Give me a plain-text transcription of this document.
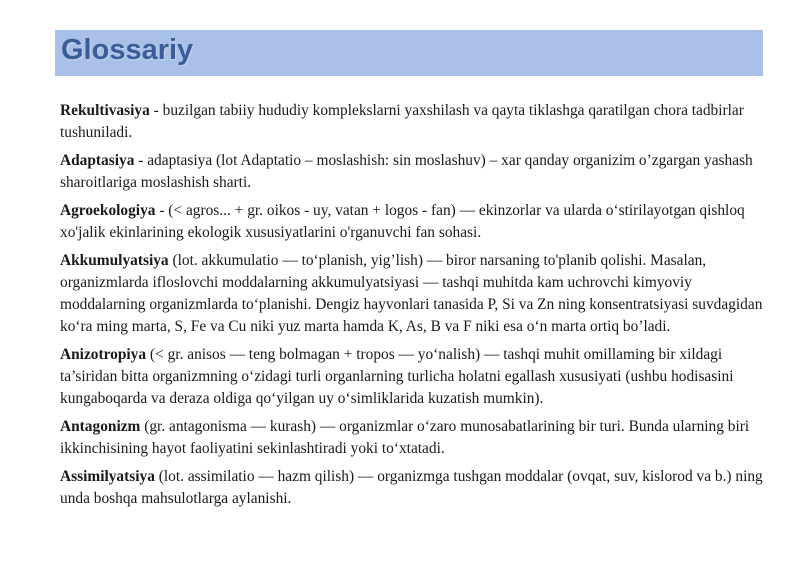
Glossariy

Rekultivasiya - buzilgan tabiiy hududiy komplekslarni yaxshilash va qayta tiklashga qaratilgan chora tadbirlar tushuniladi.

Adaptasiya - adaptasiya (lot Adaptatio – moslashish: sin moslashuv) – xar qanday organizim o’zgargan yashash sharoitlariga moslashish sharti.

Agroekologiya - (< agros... + gr. oikos - uy, vatan + logos - fan) — ekinzorlar va ularda o‘stirilayotgan qishloq xo'jalik ekinlarining ekologik xususiyatlarini o'rganuvchi fan sohasi.

Akkumulyatsiya (lot. akkumulatio — to‘planish, yig’lish) — biror narsaning to'planib qolishi. Masalan, organizmlarda ifloslovchi moddalarning akkumulyatsiyasi — tashqi muhitda kam uchrovchi kimyoviy moddalarning organizmlarda to‘planishi. Dengiz hayvonlari tanasida P, Si va Zn ning konsentratsiyasi suvdagidan ko‘ra ming marta, S, Fe va Cu niki yuz marta hamda K, As, B va F niki esa o‘n marta ortiq bo’ladi.

Anizotropiya (< gr. anisos — teng bolmagan + tropos — yo‘nalish) — tashqi muhit omillaming bir xildagi ta’siridan bitta organizmning o‘zidagi turli organlarning turlicha holatni egallash xususiyati (ushbu hodisasini kungaboqarda va deraza oldiga qo‘yilgan uy o‘simliklarida kuzatish mumkin).

Antagonizm (gr. antagonisma — kurash) — organizmlar o‘zaro munosabatlarining bir turi. Bunda ularning biri ikkinchisining hayot faoliyatini sekinlashtiradi yoki to‘xtatadi.

Assimilyatsiya (lot. assimilatio — hazm qilish) — organizmga tushgan moddalar (ovqat, suv, kislorod va b.) ning unda boshqa mahsulotlarga aylanishi.
